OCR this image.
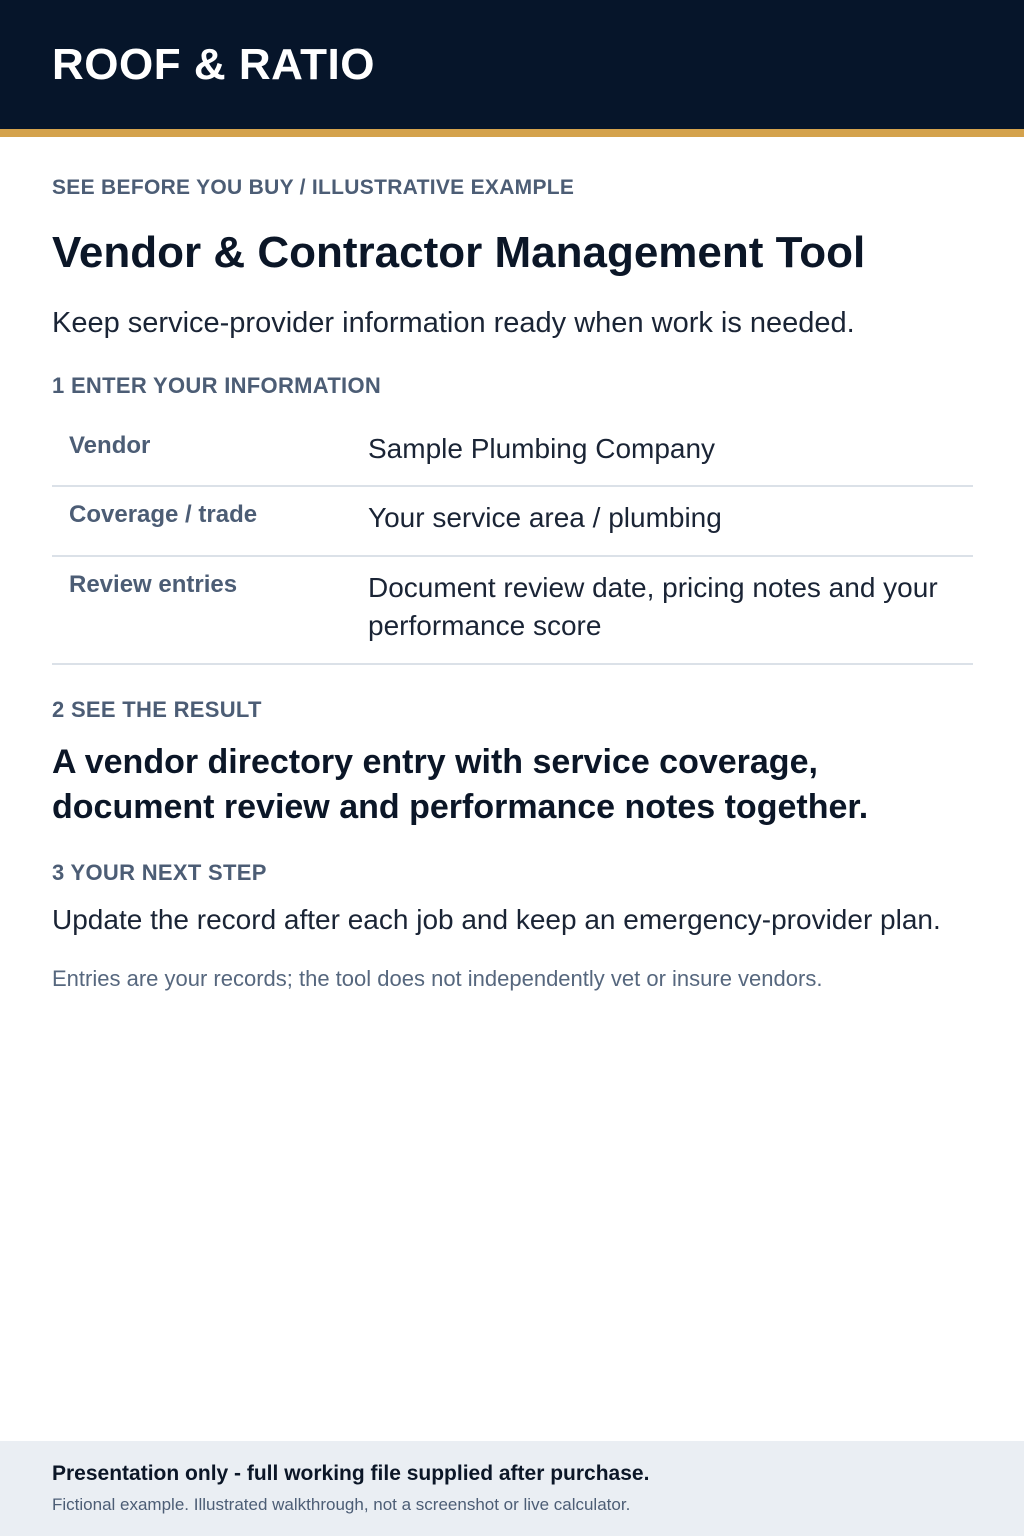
ROOF & RATIO

SEE BEFORE YOU BUY / ILLUSTRATIVE EXAMPLE

Vendor & Contractor Management Tool

Keep service-provider information ready when work is needed.

1 ENTER YOUR INFORMATION
Vendor	Sample Plumbing Company
Coverage / trade	Your service area / plumbing
Review entries	Document review date, pricing notes and your performance score
2 SEE THE RESULT

A vendor directory entry with service coverage, document review and performance notes together.

3 YOUR NEXT STEP

Update the record after each job and keep an emergency-provider plan.

Entries are your records; the tool does not independently vet or insure vendors.

Presentation only - full working file supplied after purchase.

Fictional example. Illustrated walkthrough, not a screenshot or live calculator.
